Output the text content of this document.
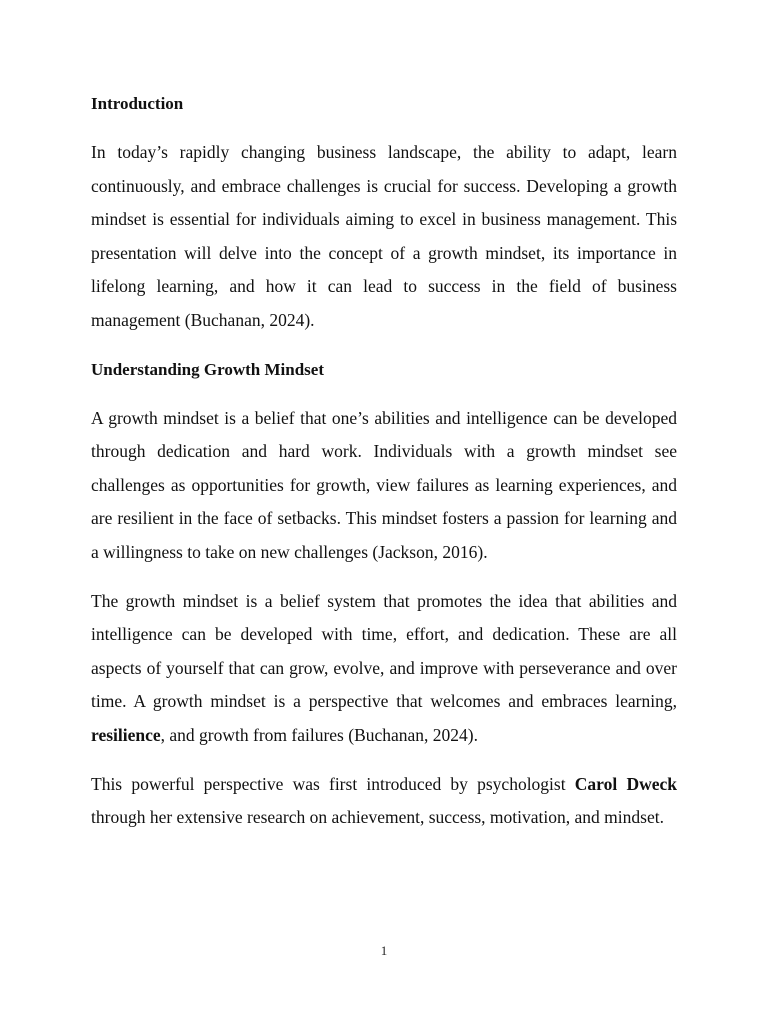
Introduction

In today’s rapidly changing business landscape, the ability to adapt, learn continuously, and embrace challenges is crucial for success. Developing a growth mindset is essential for individuals aiming to excel in business management. This presentation will delve into the concept of a growth mindset, its importance in lifelong learning, and how it can lead to success in the field of business management (Buchanan, 2024).

Understanding Growth Mindset

A growth mindset is a belief that one’s abilities and intelligence can be developed through dedication and hard work. Individuals with a growth mindset see challenges as opportunities for growth, view failures as learning experiences, and are resilient in the face of setbacks. This mindset fosters a passion for learning and a willingness to take on new challenges (Jackson, 2016).

The growth mindset is a belief system that promotes the idea that abilities and intelligence can be developed with time, effort, and dedication. These are all aspects of yourself that can grow, evolve, and improve with perseverance and over time. A growth mindset is a perspective that welcomes and embraces learning, resilience, and growth from failures (Buchanan, 2024).

This powerful perspective was first introduced by psychologist Carol Dweck through her extensive research on achievement, success, motivation, and mindset.

1
